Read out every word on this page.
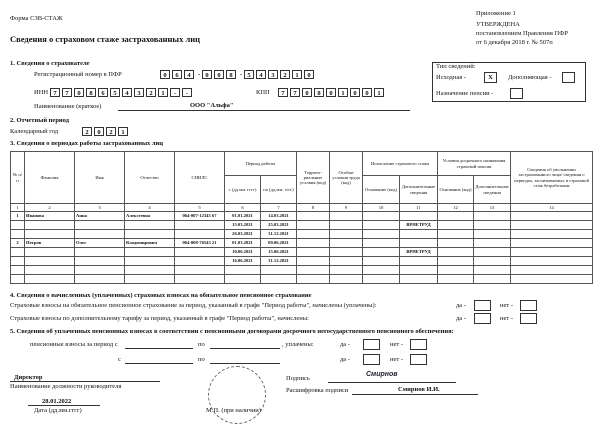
Форма СЗВ-СТАЖ
Приложение 1
УТВЕРЖДЕНА
постановлением Правления ПФР
от 6 декабря 2018 г. № 507п
Сведения о страховом стаже застрахованных лиц
1. Сведения о страхователе
Регистрационный номер в ПФР	0	6	4	- 0	0	8	- 5	4	3	2	1	0
ИНН 7	7	0	8	6	5	4	3	2	1	-	-	КПП	7	7	0	8	0	1	0	0	1
Наименование (краткое)	ООО "Альфа"
Тип сведений:
Исходная -	X	Дополняющая -
Назначение пенсии -
2. Отчетный период
Календарный год	2	0	2	1
3. Сведения о периодах работы застрахованных лиц
№ п/п	Фамилия	Имя	Отчество	СНИЛС	Период работы		Территориальные условия (код)	Особые условия труда (код)	Исчисление страхового стажа		Условия досрочного назначения страховой пенсии		Сведения об увольнении застрахованного лица/ сведения о периодах, засчитываемых в страховой стаж безработным
					с (дд.мм. гггг)	по (дд.мм. гггг)			Основание (код)	Дополнительные сведения	Основание (код)	Дополнительные сведения	
1	2	3	4	5	6	7	8	9	10	11	12	13	14
1	Иванова	Анна	Алексеевна	064-007-12345 67	01.01.2021	14.03.2021							
					15.03.2021	25.03.2021				ВРНЕТРУД			
					26.03.2021	31.12.2021							
2	Петров	Олег	Владимирович	064-008-76543 21	01.03.2021	09.06.2021							
					10.06.2021	15.06.2021				ВРНЕТРУД			
					16.06.2021	31.12.2021							

4. Сведения о начисленных (уплаченных) страховых взносах на обязательное пенсионное страхование
Страховые взносы на обязательное пенсионное страхование за период, указанный в графе "Период работы", начислены (уплачены):	да -	нет -
Страховые взносы по дополнительному тарифу за период, указанный в графе "Период работы", начислены:	да -	нет -
5. Сведения об уплаченных пенсионных взносах в соответствии с пенсионными договорами досрочного негосударственного пенсионного обеспечения:
пенсионные взносы за период с	по	, уплачены:	да -	нет -
с	по	да -	нет -
Директор
Наименование должности руководителя
28.01.2022
Дата (дд.мм.гггг)	М.П. (при наличии)
Подпись
Смирнов
Расшифровка подписи	Смирнов И.И.
